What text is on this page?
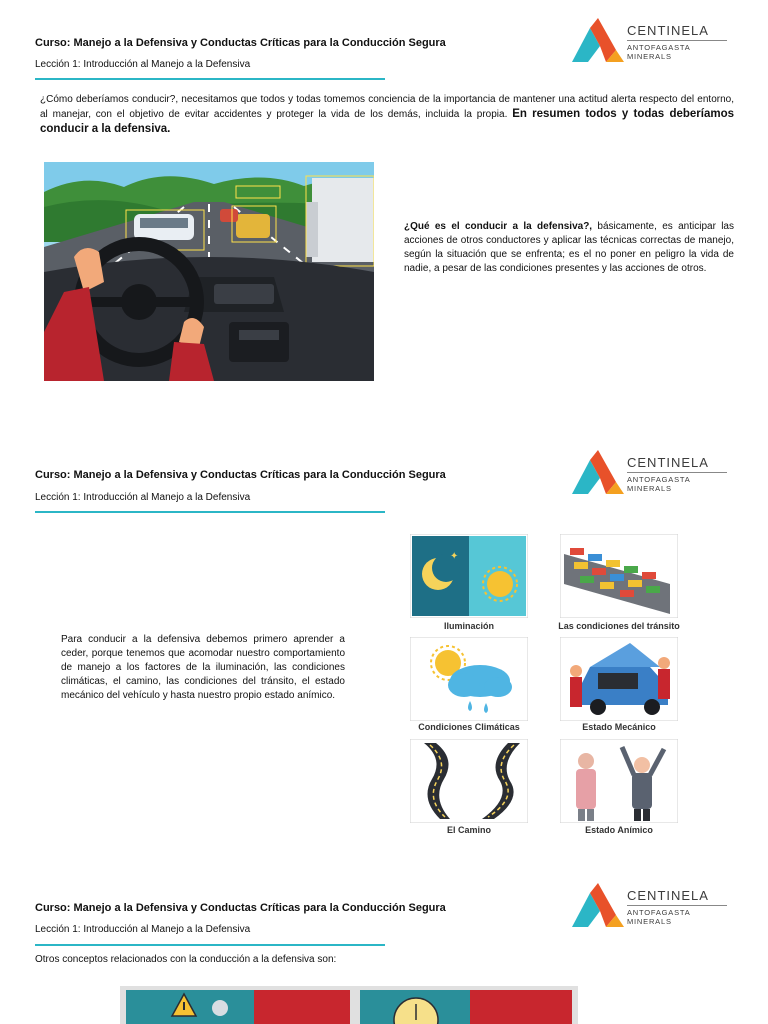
Curso: Manejo a la Defensiva y Conductas Críticas para la Conducción Segura
Lección 1: Introducción al Manejo a la Defensiva
CENTINELA
ANTOFAGASTA MINERALS
¿Cómo deberíamos conducir?, necesitamos que todos y todas tomemos conciencia de la importancia de mantener una actitud alerta respecto del entorno, al manejar, con el objetivo de evitar accidentes y proteger la vida de los demás, incluida la propia. En resumen todos y todas deberíamos conducir a la defensiva.
¿Qué es el conducir a la defensiva?, básicamente, es anticipar las acciones de otros conductores y aplicar las técnicas correctas de manejo, según la situación que se enfrenta; es el no poner en peligro la vida de nadie, a pesar de las condiciones presentes y las acciones de otros.
Curso: Manejo a la Defensiva y Conductas Críticas para la Conducción Segura
Lección 1: Introducción al Manejo a la Defensiva
CENTINELA
ANTOFAGASTA MINERALS
Para conducir a la defensiva debemos primero aprender a ceder, porque tenemos que acomodar nuestro comportamiento de manejo a los factores de la iluminación, las condiciones climáticas, el camino, las condiciones del tránsito, el estado mecánico del vehículo y hasta nuestro propio estado anímico.
✦
Iluminación	Las condiciones del tránsito
Condiciones Climáticas	Estado Mecánico
El Camino	Estado Anímico
Curso: Manejo a la Defensiva y Conductas Críticas para la Conducción Segura
Lección 1: Introducción al Manejo a la Defensiva
CENTINELA
ANTOFAGASTA MINERALS
Otros conceptos relacionados con la conducción a la defensiva son:
